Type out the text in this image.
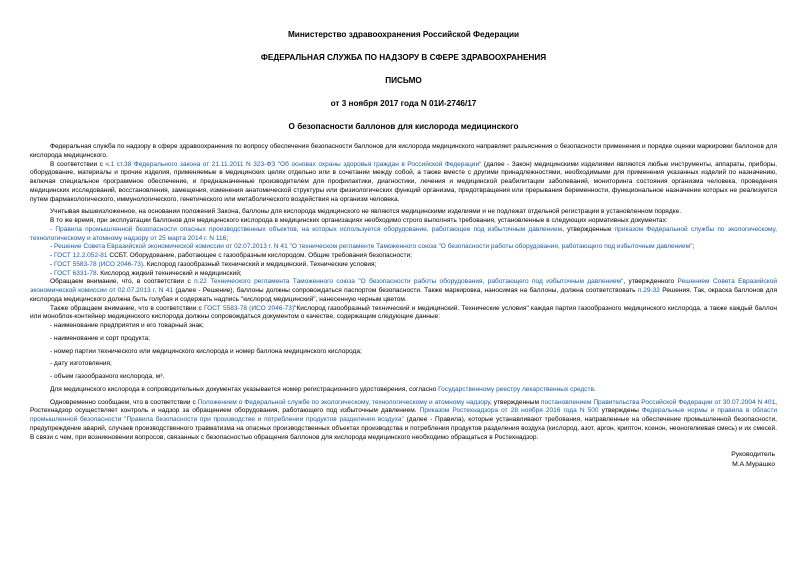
Министерство здравоохранения Российской Федерации
ФЕДЕРАЛЬНАЯ СЛУЖБА ПО НАДЗОРУ В СФЕРЕ ЗДРАВООХРАНЕНИЯ
ПИСЬМО
от 3 ноября 2017 года N 01И-2746/17
О безопасности баллонов для кислорода медицинского

Федеральная служба по надзору в сфере здравоохранения по вопросу обеспечения безопасности баллонов для кислорода медицинского направляет разъяснения о безопасности применения и порядке оценки маркировки баллонов для кислорода медицинского.

В соответствии с ч.1 ст.38 Федерального закона от 21.11.2011 N 323-ФЗ "Об основах охраны здоровья граждан в Российской Федерации" (далее - Закон) медицинскими изделиями являются любые инструменты, аппараты, приборы, оборудование, материалы и прочие изделия, применяемые в медицинских целях отдельно или в сочетании между собой, а также вместе с другими принадлежностями, необходимыми для применения указанных изделий по назначению, включая специальное программное обеспечение, и предназначенные производителем для профилактики, диагностики, лечения и медицинской реабилитации заболеваний, мониторинга состояния организма человека, проведения медицинских исследований, восстановления, замещения, изменения анатомической структуры или физиологических функций организма, предотвращения или прерывания беременности, функциональное назначение которых не реализуется путем фармакологического, иммунологического, генетического или метаболического воздействия на организм человека.

Учитывая вышеизложенное, на основании положений Закона, баллоны для кислорода медицинского не являются медицинскими изделиями и не подлежат отдельной регистрации в установленном порядке.

В то же время, при эксплуатации баллонов для медицинского кислорода в медицинских организациях необходимо строго выполнять требования, установленные в следующих нормативных документах:

- Правила промышленной безопасности опасных производственных объектов, на которых используется оборудование, работающее под избыточным давлением, утвержденные приказом Федеральной службы по экологическому, технологическому и атомному надзору от 25 марта 2014 г. N 116;

- Решение Совета Евразийской экономической комиссии от 02.07.2013 г. N 41 "О техническом регламенте Таможенного союза "О безопасности работы оборудования, работающего под избыточным давлением";

- ГОСТ 12.2.052-81 ССБТ. Оборудование, работающее с газообразным кислородом. Общие требования безопасности;

- ГОСТ 5583-78 (ИСО 2046-73). Кислород газообразный технический и медицинский. Технические условия;

- ГОСТ 6331-78. Кислород жидкий технический и медицинский;

Обращаем внимание, что, в соответствии с п.22 Технического регламента Таможенного союза "О безопасности работы оборудования, работающего под избыточным давлением", утвержденного Решением Совета Евразийской экономической комиссии от 02.07.2013 г. N 41 (далее - Решение), баллоны должны сопровождаться паспортом безопасности. Также маркировка, наносимая на баллоны, должна соответствовать п.29-32 Решения. Так, окраска баллонов для кислорода медицинского должна быть голубая и содержать надпись "кислород медицинский", нанесенную черным цветом.

Также обращаем внимание, что в соответствии с ГОСТ 5583-78 (ИСО 2046-73)"Кислород газообразный технический и медицинский. Технические условия" каждая партия газообразного медицинского кислорода, а также каждый баллон или моноблок-контейнер медицинского кислорода должны сопровождаться документом о качестве, содержащим следующие данные:

- наименование предприятия и его товарный знак;

- наименование и сорт продукта;

- номер партии технического или медицинского кислорода и номер баллона медицинского кислорода;

- дату изготовления;

- объем газообразного кислорода, м³.

Для медицинского кислорода в сопроводительных документах указывается номер регистрационного удостоверения, согласно Государственному реестру лекарственных средств.

Одновременно сообщаем, что в соответствии с Положением о Федеральной службе по экологическому, технологическому и атомному надзору, утвержденным постановлением Правительства Российской Федерации от 30.07.2004 N 401, Ростехнадзор осуществляет контроль и надзор за обращением оборудования, работающего под избыточным давлением. Приказом Ростехнадзора от 28 ноября 2016 года N 500 утверждены Федеральные нормы и правила в области промышленной безопасности "Правила безопасности при производстве и потреблении продуктов разделения воздуха" (далее - Правила), которые устанавливают требования, направленные на обеспечение промышленной безопасности, предупреждение аварий, случаев производственного травматизма на опасных производственных объектах производства и потребления продуктов разделения воздуха (кислород, азот, аргон, криптон, ксенон, неоногелиевая смесь) и их смесей. В связи с чем, при возникновении вопросов, связанных с безопасностью обращения баллонов для кислорода медицинского необходимо обращаться в Ростехнадзор.

Руководитель
М.А.Мурашко
